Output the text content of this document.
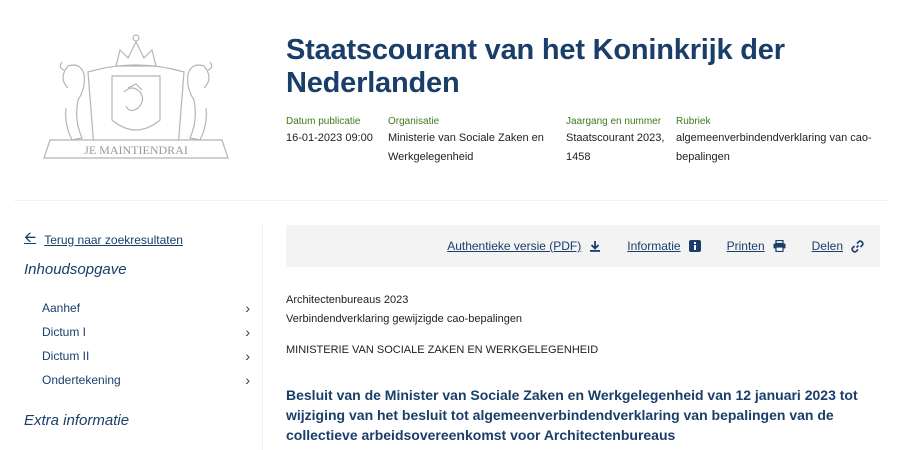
JE MAINTIENDRAI
Staatscourant van het Koninkrijk der Nederlanden
Datum publicatie
16-01-2023 09:00
Organisatie
Ministerie van Sociale Zaken en Werkgelegenheid
Jaargang en nummer
Staatscourant 2023, 1458
Rubriek
algemeenverbindendverklaring van cao-bepalingen
🡨 Terug naar zoekresultaten
Inhoudsopgave
Aanhef	›
Dictum I	›
Dictum II	›
Ondertekening	›
Extra informatie
Authentieke versie (PDF)	Informatie	Printen	Delen
Architectenbureaus 2023
Verbindendverklaring gewijzigde cao-bepalingen
MINISTERIE VAN SOCIALE ZAKEN EN WERKGELEGENHEID
Besluit van de Minister van Sociale Zaken en Werkgelegenheid van 12 januari 2023 tot wijziging van het besluit tot algemeenverbindendverklaring van bepalingen van de collectieve arbeidsovereenkomst voor Architectenbureaus
